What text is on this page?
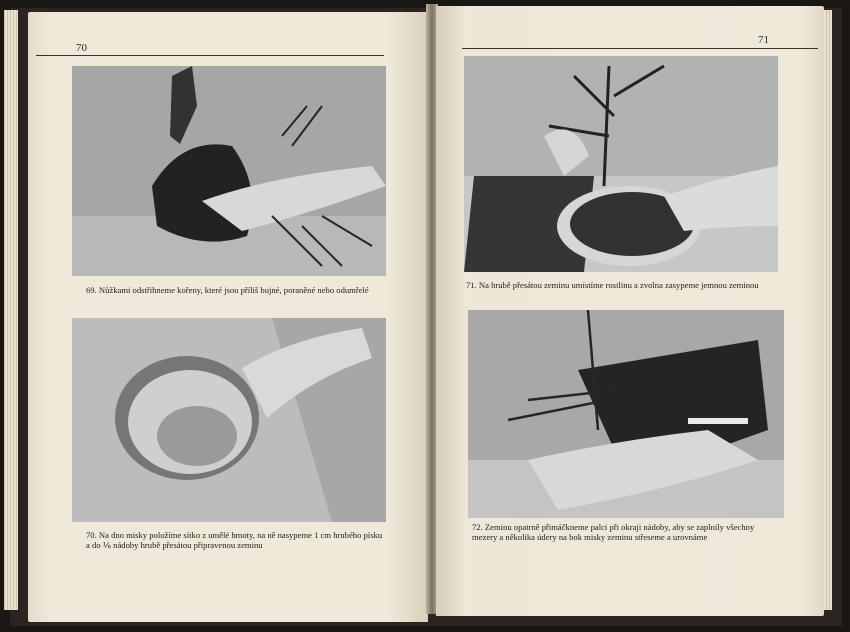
70
69. Nůžkami odstřihneme kořeny, které jsou příliš bujné, poraněné nebo odumřelé
70. Na dno misky položíme sítko z umělé hmoty, na ně nasypeme 1 cm hrubého písku a do ⅙ nádoby hrubě přesátou připravenou zeminu
71
71. Na hrubě přesátou zeminu umístíme rostlinu a zvolna zasypeme jemnou zeminou
72. Zeminu opatrně přimáčkneme palci při okraji nádoby, aby se zaplnily všechny mezery a několika údery na bok misky zeminu střeseme a urovnáme
